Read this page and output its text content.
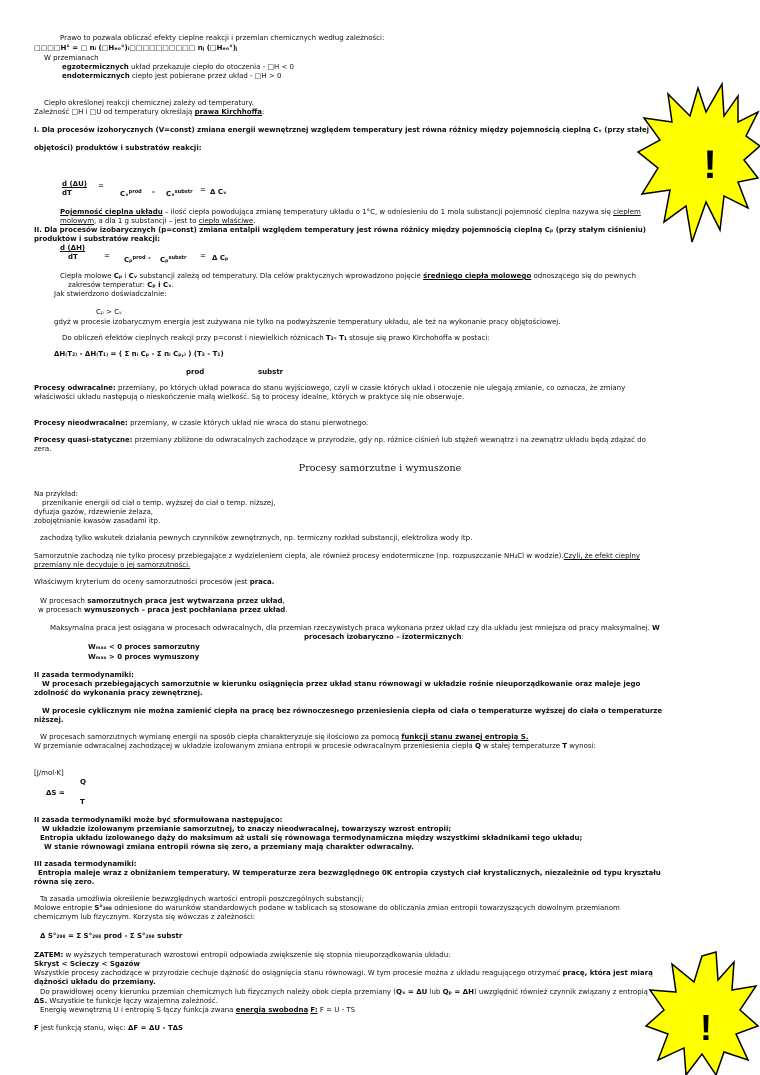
Prawo to pozwala obliczać efekty cieplne reakcji i przemian chemicznych według zależności:
□□□□H° = □ nᵢ (□Hₑₒ°)ᵢ□□□□□□□□□□ nⱼ (□Hₑₒ°)ⱼ
W przemianach
egzotermicznych układ przekazuje ciepło do otoczenia - □H < 0
endotermicznych ciepło jest pobierane przez układ - □H > 0
Ciepło określonej reakcji chemicznej zależy od temperatury.
Zależność □H i □U od temperatury określają prawa Kirchhoffa:
I. Dla procesów izohorycznych (V=const) zmiana energii wewnętrznej względem temperatury jest równa różnicy między pojemnością cieplną Cᵥ (przy stałej
objętości) produktów i substratów reakcji:
d (ΔU)
dT
=
Cᵥ$^{prod}$ - Cᵥ$^{substr}$ = Δ Cᵥ
Pojemność cieplna układu – ilość ciepła powodująca zmianę temperatury układu o 1°C, w odniesieniu do 1 mola substancji pojemność cieplna nazywa się ciepłem
molowym, a dla 1 g substancji – jest to ciepło właściwe.
II. Dla procesów izobarycznych (p=const) zmiana entalpii względem temperatury jest równa różnicy między pojemnością cieplną Cₚ (przy stałym ciśnieniu)
produktów i substratów reakcji:
d (ΔH)
dT	= Cₚ$^{prod}$ - Cₚ$^{substr}$ = Δ Cₚ
Ciepła molowe Cₚ i Cᵥ substancji zależą od temperatury. Dla celów praktycznych wprowadzono pojęcie średniego ciepła molowego odnoszącego się do pewnych
zakresów temperatur: Cₚ i Cᵥ.
Jak stwierdzono doświadczalnie:
Cₚ > Cᵥ
gdyż w procesie izobarycznym energia jest zużywana nie tylko na podwyższenie temperatury układu, ale też na wykonanie pracy objętościowej.
Do obliczeń efektów cieplnych reakcji przy p=const i niewielkich różnicach T₂- T₁ stosuje się prawo Kirchohoffa w postaci:
ΔH₍T₂₎ - ΔH₍T₁₎ = ( Σ nᵢ Cₚ - Σ nᵢ Cₚ,ᵢ ) (T₂ - T₁)
prod	substr
Procesy odwracalne: przemiany, po których układ powraca do stanu wyjściowego, czyli w czasie których układ i otoczenie nie ulegają zmianie, co oznacza, że zmiany
właściwości układu następują o nieskończenie małą wielkość. Są to procesy idealne, których w praktyce się nie obserwuje.
Procesy nieodwracalne: przemiany, w czasie których układ nie wraca do stanu pierwotnego.
Procesy quasi-statyczne: przemiany zbliżone do odwracalnych zachodzące w przyrodzie, gdy np. różnice ciśnień lub stężeń wewnątrz i na zewnątrz układu będą zdążać do
zera.
Procesy samorzutne i wymuszone
Na przykład:
przenikanie energii od ciał o temp. wyższej do ciał o temp. niższej,
dyfuzja gazów, rdzewienie żelaza,
zobojętnianie kwasów zasadami itp.
zachodzą tylko wskutek działania pewnych czynników zewnętrznych, np. termiczny rozkład substancji, elektroliza wody itp.
Samorzutnie zachodzą nie tylko procesy przebiegające z wydzieleniem ciepła, ale również procesy endotermiczne (np. rozpuszczanie NH₄Cl w wodzie).Czyli, że efekt cieplny
przemiany nie decyduje o jej samorzutności.
Właściwym kryterium do oceny samorzutności procesów jest praca.
W procesach samorzutnych praca jest wytwarzana przez układ,
w procesach wymuszonych – praca jest pochłaniana przez układ.
Maksymalna praca jest osiągana w procesach odwracalnych, dla przemian rzeczywistych praca wykonana przez układ czy dla układu jest mniejsza od pracy maksymalnej. W
procesach izobaryczno – izotermicznych:
Wₘₐₓ < 0 proces samorzutny
Wₘₐₓ > 0 proces wymuszony
II zasada termodynamiki:
W procesach przebiegających samorzutnie w kierunku osiągnięcia przez układ stanu równowagi w układzie rośnie nieuporządkowanie oraz maleje jego
zdolność do wykonania pracy zewnętrznej.
W procesie cyklicznym nie można zamienić ciepła na pracę bez równoczesnego przeniesienia ciepła od ciała o temperaturze wyższej do ciała o temperaturze
niższej.
W procesach samorzutnych wymianę energii na sposób ciepła charakteryzuje się ilościowo za pomocą funkcji stanu zwanej entropią S.
W przemianie odwracalnej zachodzącej w układzie izolowanym zmiana entropii w procesie odwracalnym przeniesienia ciepła Q w stałej temperaturze T wynosi:
[J/mol·K]
Q
ΔS =
T
II zasada termodynamiki może być sformułowana następująco:
W układzie izolowanym przemianie samorzutnej, to znaczy nieodwracalnej, towarzyszy wzrost entropii;
Entropia układu izolowanego dąży do maksimum aż ustali się równowaga termodynamiczna między wszystkimi składnikami tego układu;
W stanie równowagi zmiana entropii równa się zero, a przemiany mają charakter odwracalny.
III zasada termodynamiki:
Entropia maleje wraz z obniżaniem temperatury. W temperaturze zera bezwzględnego 0K entropia czystych ciał krystalicznych, niezależnie od typu kryształu
równa się zero.
Ta zasada umożliwia określenie bezwzględnych wartości entropii poszczególnych substancji;
Molowe entropie S°₂₉₈ odniesione do warunków standardowych podane w tablicach są stosowane do obliczania zmian entropii towarzyszących dowolnym przemianom
chemicznym lub fizycznym. Korzysta się wówczas z zależności:
Δ S°₂₉₈ = Σ S°₂₉₈ prod - Σ S°₂₉₈ substr
ZATEM: w wyższych temperaturach wzrostowi entropii odpowiada zwiększenie się stopnia nieuporządkowania układu:
Skryst < Scieczy < Sgazów
Wszystkie procesy zachodzące w przyrodzie cechuje dążność do osiągnięcia stanu równowagi. W tym procesie można z układu reagującego otrzymać pracę, która jest miarą
dążności układu do przemiany.
Do prawidłowej oceny kierunku przemian chemicznych lub fizycznych należy obok ciepła przemiany (Qᵥ = ΔU lub Qₚ = ΔH) uwzględnić również czynnik związany z entropią
ΔS. Wszystkie te funkcje łączy wzajemna zależność.
Energię wewnętrzną U i entropię S łączy funkcja zwana energią swobodną F: F = U - TS
F jest funkcją stanu, więc: ΔF = ΔU - TΔS
!
!
